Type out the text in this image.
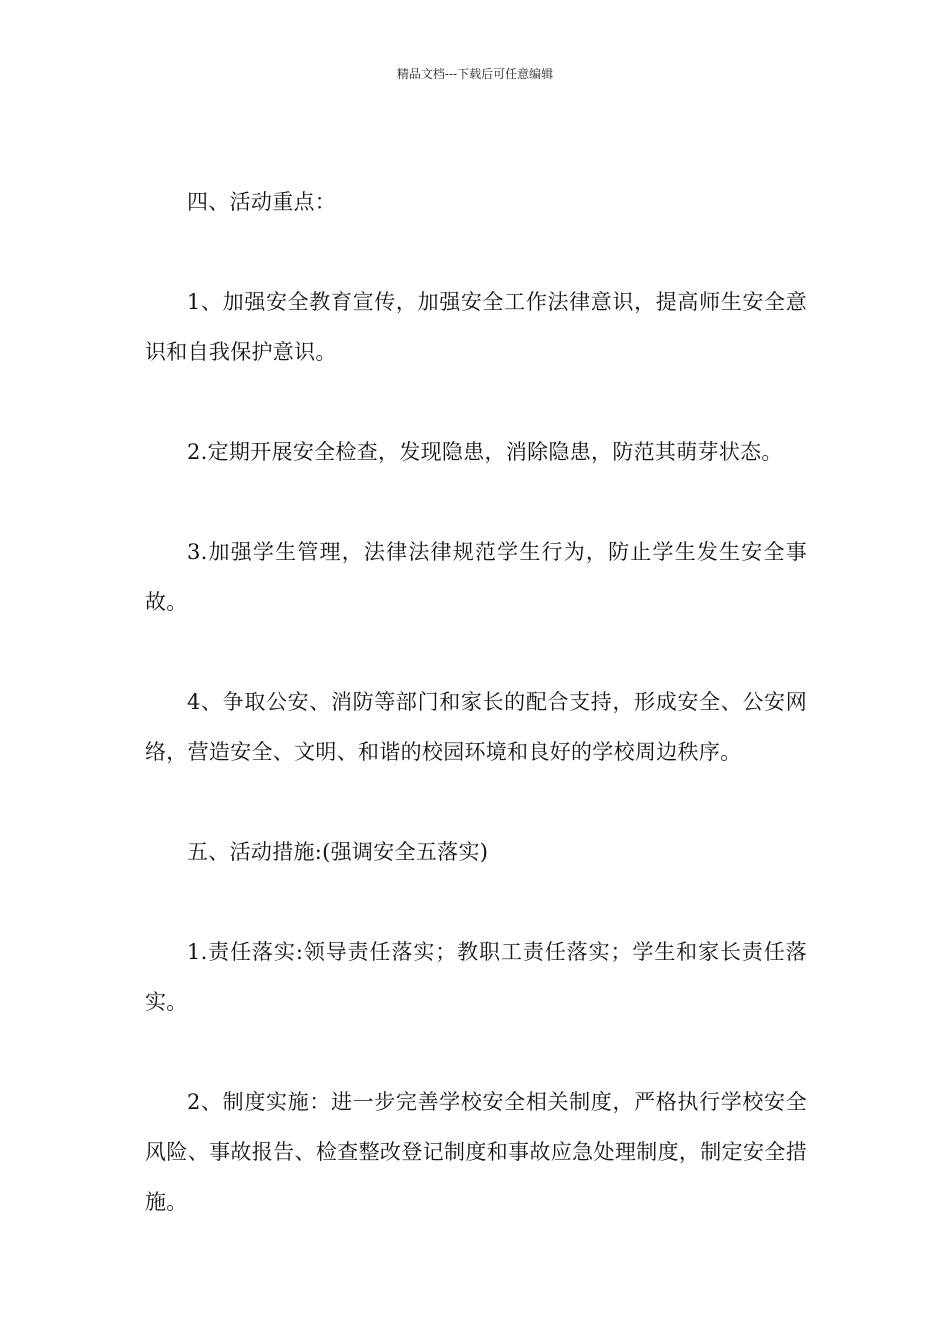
精品文档---下载后可任意编辑

四、活动重点：

1、加强安全教育宣传，加强安全工作法律意识，提高师生安全意识和自我保护意识。

2.定期开展安全检查，发现隐患，消除隐患，防范其萌芽状态。

3.加强学生管理，法律法律规范学生行为，防止学生发生安全事故。

4、争取公安、消防等部门和家长的配合支持，形成安全、公安网络，营造安全、文明、和谐的校园环境和良好的学校周边秩序。

五、活动措施:(强调安全五落实)

1.责任落实:领导责任落实；教职工责任落实；学生和家长责任落实。

2、制度实施：进一步完善学校安全相关制度，严格执行学校安全风险、事故报告、检查整改登记制度和事故应急处理制度，制定安全措施。
